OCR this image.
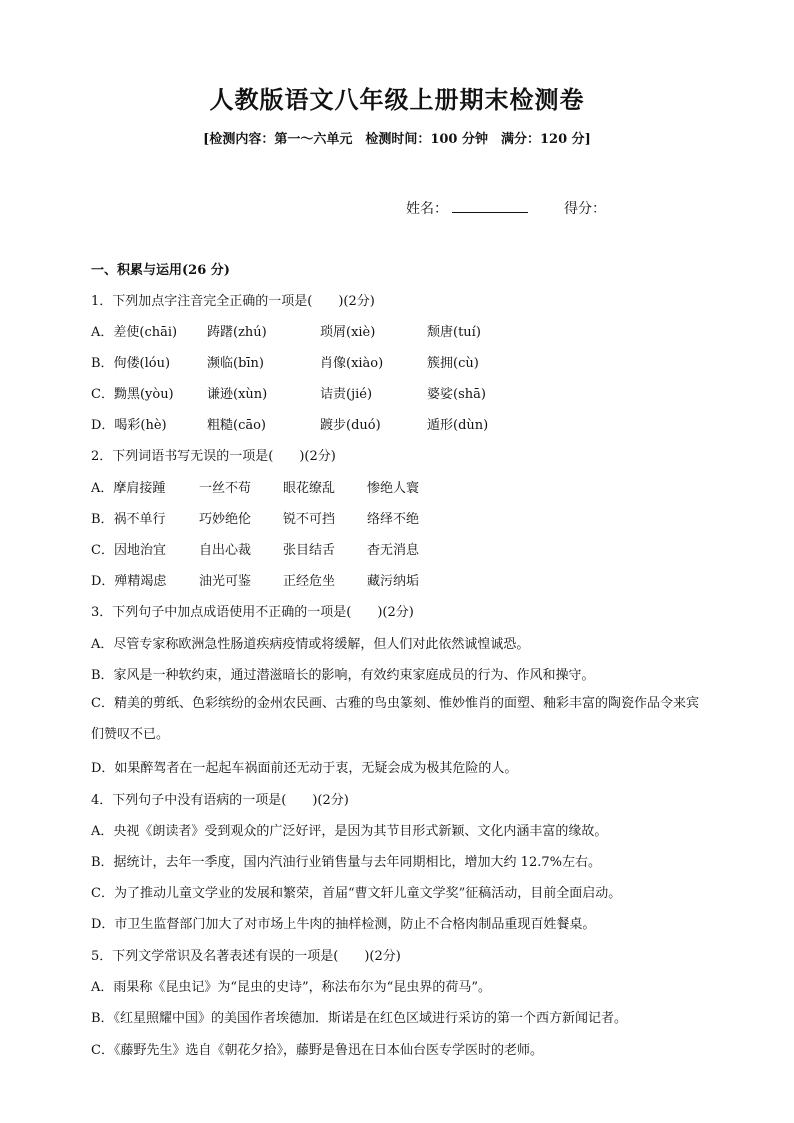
人教版语文八年级上册期末检测卷
[检测内容：第一～六单元　检测时间：100 分钟　满分：120 分]
姓名：	得分：
一、积累与运用(26 分)
1．下列加点字注音完全正确的一项是(　　)(2分)
A．差使(chāi)	踌躇(zhú)	琐屑(xiè)	颓唐(tuí)
B．佝偻(lóu)	濒临(bīn)	肖像(xiào)	簇拥(cù)
C．黝黑(yòu)	谦逊(xùn)	诘责(jié)	婆娑(shā)
D．喝彩(hè)	粗糙(cāo)	踱步(duó)	遁形(dùn)
2．下列词语书写无误的一项是(　　)(2分)
A．摩肩接踵	一丝不苟	眼花缭乱	惨绝人寰
B．祸不单行	巧妙绝伦	锐不可挡	络绎不绝
C．因地治宜	自出心裁	张目结舌	杳无消息
D．殚精竭虑	油光可鉴	正经危坐	藏污纳垢
3．下列句子中加点成语使用不正确的一项是(　　)(2分)
A．尽管专家称欧洲急性肠道疾病疫情或将缓解，但人们对此依然诚惶诚恐。
B．家风是一种软约束，通过潜滋暗长的影响，有效约束家庭成员的行为、作风和操守。
C．精美的剪纸、色彩缤纷的金州农民画、古雅的鸟虫篆刻、惟妙惟肖的面塑、釉彩丰富的陶瓷作品令来宾们赞叹不已。
D．如果醉驾者在一起起车祸面前还无动于衷，无疑会成为极其危险的人。
4．下列句子中没有语病的一项是(　　)(2分)
A．央视《朗读者》受到观众的广泛好评，是因为其节目形式新颖、文化内涵丰富的缘故。
B．据统计，去年一季度，国内汽油行业销售量与去年同期相比，增加大约 12.7%左右。
C．为了推动儿童文学业的发展和繁荣，首届“曹文轩儿童文学奖”征稿活动，目前全面启动。
D．市卫生监督部门加大了对市场上牛肉的抽样检测，防止不合格肉制品重现百姓餐桌。
5．下列文学常识及名著表述有误的一项是(　　)(2分)
A．雨果称《昆虫记》为“昆虫的史诗”，称法布尔为“昆虫界的荷马”。
B．《红星照耀中国》的美国作者埃德加．斯诺是在红色区域进行采访的第一个西方新闻记者。
C．《藤野先生》选自《朝花夕拾》，藤野是鲁迅在日本仙台医专学医时的老师。
